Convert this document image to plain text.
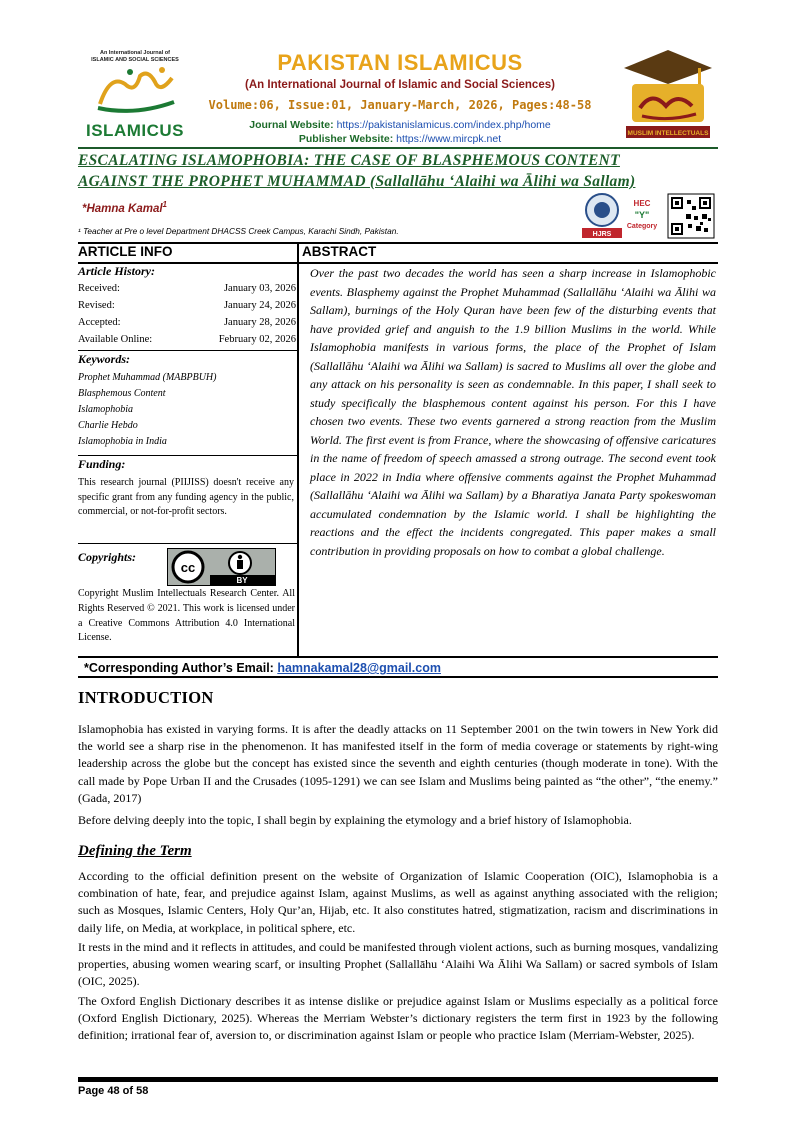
An International Journal of
ISLAMIC AND SOCIAL SCIENCES
ISLAMICUS
PAKISTAN ISLAMICUS
(An International Journal of Islamic and Social Sciences)
Volume:06, Issue:01, January-March, 2026, Pages:48-58
Journal Website: https://pakistanislamicus.com/index.php/home
Publisher Website: https://www.mircpk.net	MUSLIM INTELLECTUALS
ESCALATING ISLAMOPHOBIA: THE CASE OF BLASPHEMOUS CONTENT
AGAINST THE PROPHET MUHAMMAD (Sallallāhu ʻAlaihi wa Ālihi wa Sallam)
*Hamna Kamal$^1$
¹ Teacher at Pre o level Department DHACSS Creek Campus, Karachi Sindh, Pakistan.	HJRS
HEC
"Y"
Category
ARTICLE INFO	ABSTRACT
Article History:
Received:	January 03, 2026
Revised:	January 24, 2026
Accepted:	January 28, 2026
Available Online:	February 02, 2026
Keywords:
Prophet Muhammad (MABPBUH)
Blasphemous Content
Islamophobia
Charlie Hebdo
Islamophobia in India
Funding:
This research journal (PIIJISS) doesn't receive any specific grant from any funding agency in the public, commercial, or not-for-profit sectors.
Copyrights:
cc
BY
Copyright Muslim Intellectuals Research Center. All Rights Reserved © 2021. This work is licensed under a Creative Commons Attribution 4.0 International License.
Over the past two decades the world has seen a sharp increase in Islamophobic events. Blasphemy against the Prophet Muhammad (Sallallāhu ʻAlaihi wa Ālihi wa Sallam), burnings of the Holy Quran have been few of the disturbing events that have provided grief and anguish to the 1.9 billion Muslims in the world. While Islamophobia manifests in various forms, the place of the Prophet of Islam (Sallallāhu ʻAlaihi wa Ālihi wa Sallam) is sacred to Muslims all over the globe and any attack on his personality is seen as condemnable. In this paper, I shall seek to study specifically the blasphemous content against his person. For this I have chosen two events. These two events garnered a strong reaction from the Muslim World. The first event is from France, where the showcasing of offensive caricatures in the name of freedom of speech amassed a strong outrage. The second event took place in 2022 in India where offensive comments against the Prophet Muhammad (Sallallāhu ʻAlaihi wa Ālihi wa Sallam) by a Bharatiya Janata Party spokeswoman accumulated condemnation by the Islamic world. I shall be highlighting the reactions and the effect the incidents congregated. This paper makes a small contribution in providing proposals on how to combat a global challenge.
*Corresponding Author’s Email: hamnakamal28@gmail.com
INTRODUCTION
Islamophobia has existed in varying forms. It is after the deadly attacks on 11 September 2001 on the twin towers in New York did the world see a sharp rise in the phenomenon. It has manifested itself in the form of media coverage or statements by right-wing leadership across the globe but the concept has existed since the seventh and eighth centuries (though moderate in tone). With the call made by Pope Urban II and the Crusades (1095-1291) we can see Islam and Muslims being painted as “the other”, “the enemy.” (Gada, 2017)
Before delving deeply into the topic, I shall begin by explaining the etymology and a brief history of Islamophobia.
Defining the Term
According to the official definition present on the website of Organization of Islamic Cooperation (OIC), Islamophobia is a combination of hate, fear, and prejudice against Islam, against Muslims, as well as against anything associated with the religion; such as Mosques, Islamic Centers, Holy Qur’an, Hijab, etc. It also constitutes hatred, stigmatization, racism and discriminations in daily life, on Media, at workplace, in political sphere, etc.
It rests in the mind and it reflects in attitudes, and could be manifested through violent actions, such as burning mosques, vandalizing properties, abusing women wearing scarf, or insulting Prophet (Sallallāhu ʻAlaihi Wa Ālihi Wa Sallam) or sacred symbols of Islam (OIC, 2025).
The Oxford English Dictionary describes it as intense dislike or prejudice against Islam or Muslims especially as a political force (Oxford English Dictionary, 2025). Whereas the Merriam Webster’s dictionary registers the term first in 1923 by the following definition; irrational fear of, aversion to, or discrimination against Islam or people who practice Islam (Merriam-Webster, 2025).
Page 48 of 58
